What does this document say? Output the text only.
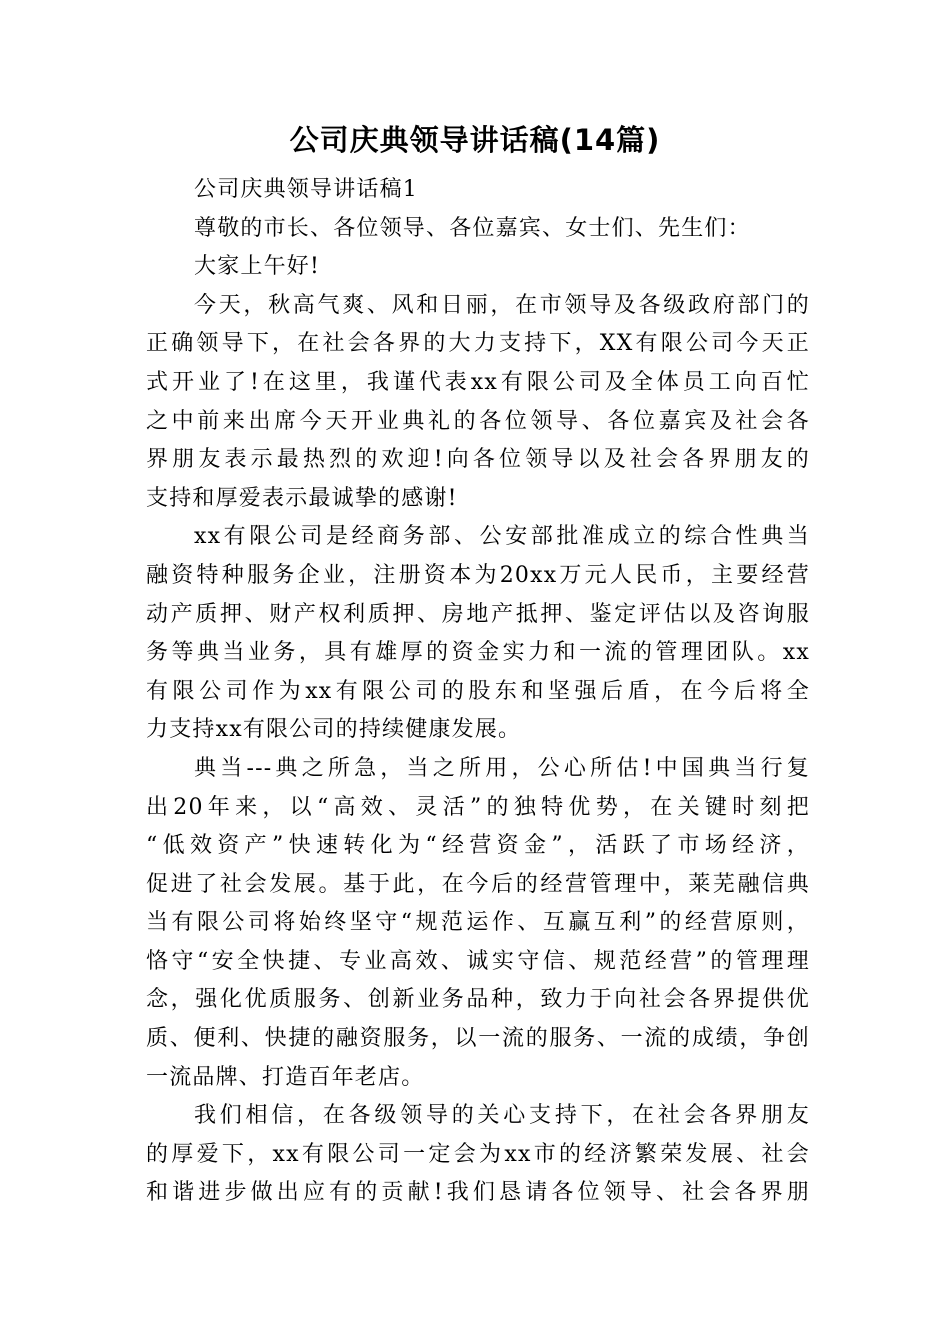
公司庆典领导讲话稿(14篇)
公司庆典领导讲话稿1
尊敬的市长、各位领导、各位嘉宾、女士们、先生们：
大家上午好!
今天，秋高气爽、风和日丽，在市领导及各级政府部门的
正确领导下，在社会各界的大力支持下，XX有限公司今天正
式开业了!在这里，我谨代表xx有限公司及全体员工向百忙
之中前来出席今天开业典礼的各位领导、各位嘉宾及社会各
界朋友表示最热烈的欢迎!向各位领导以及社会各界朋友的
支持和厚爱表示最诚挚的感谢!
xx有限公司是经商务部、公安部批准成立的综合性典当
融资特种服务企业，注册资本为20xx万元人民币，主要经营
动产质押、财产权利质押、房地产抵押、鉴定评估以及咨询服
务等典当业务，具有雄厚的资金实力和一流的管理团队。xx
有限公司作为xx有限公司的股东和坚强后盾，在今后将全
力支持xx有限公司的持续健康发展。
典当---典之所急，当之所用，公心所估!中国典当行复
出20年来，以“高效、灵活”的独特优势，在关键时刻把
“低效资产”快速转化为“经营资金”，活跃了市场经济，
促进了社会发展。基于此，在今后的经营管理中，莱芜融信典
当有限公司将始终坚守“规范运作、互赢互利”的经营原则，
恪守“安全快捷、专业高效、诚实守信、规范经营”的管理理
念，强化优质服务、创新业务品种，致力于向社会各界提供优
质、便利、快捷的融资服务，以一流的服务、一流的成绩，争创
一流品牌、打造百年老店。
我们相信，在各级领导的关心支持下，在社会各界朋友
的厚爱下，xx有限公司一定会为xx市的经济繁荣发展、社会
和谐进步做出应有的贡献!我们恳请各位领导、社会各界朋
